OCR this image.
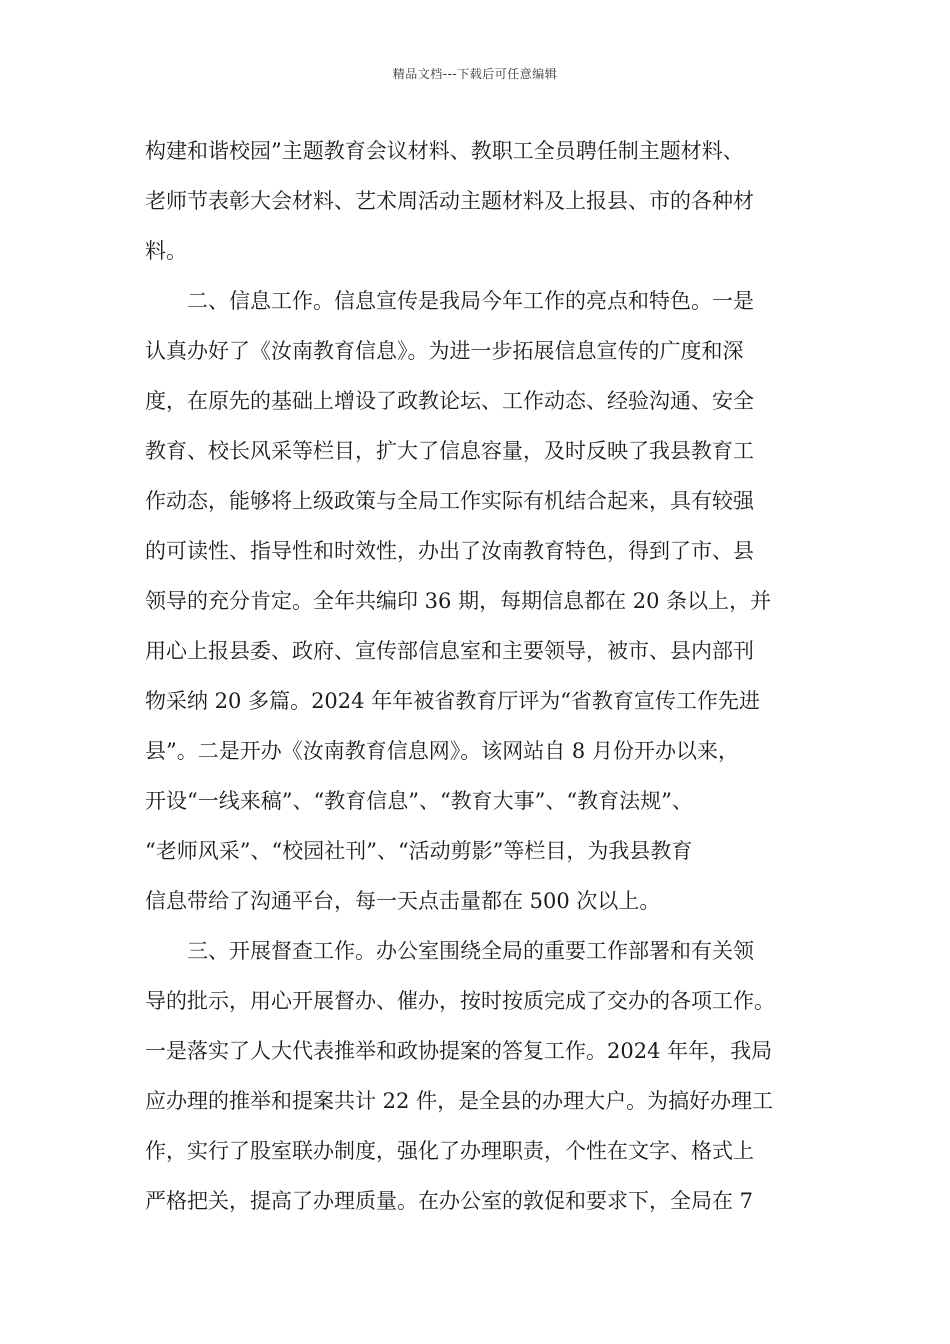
精品文档---下载后可任意编辑
构建和谐校园”主题教育会议材料、教职工全员聘任制主题材料、
老师节表彰大会材料、艺术周活动主题材料及上报县、市的各种材
料。
　　二、信息工作。信息宣传是我局今年工作的亮点和特色。一是
认真办好了《汝南教育信息》。为进一步拓展信息宣传的广度和深
度，在原先的基础上增设了政教论坛、工作动态、经验沟通、安全
教育、校长风采等栏目，扩大了信息容量，及时反映了我县教育工
作动态，能够将上级政策与全局工作实际有机结合起来，具有较强
的可读性、指导性和时效性，办出了汝南教育特色，得到了市、县
领导的充分肯定。全年共编印 36 期，每期信息都在 20 条以上，并
用心上报县委、政府、宣传部信息室和主要领导，被市、县内部刊
物采纳 20 多篇。2024 年年被省教育厅评为“省教育宣传工作先进
县”。二是开办《汝南教育信息网》。该网站自 8 月份开办以来，
开设“一线来稿”、“教育信息”、“教育大事”、“教育法规”、
“老师风采”、“校园社刊”、“活动剪影”等栏目，为我县教育
信息带给了沟通平台，每一天点击量都在 500 次以上。
　　三、开展督查工作。办公室围绕全局的重要工作部署和有关领
导的批示，用心开展督办、催办，按时按质完成了交办的各项工作。
一是落实了人大代表推举和政协提案的答复工作。2024 年年，我局
应办理的推举和提案共计 22 件，是全县的办理大户。为搞好办理工
作，实行了股室联办制度，强化了办理职责，个性在文字、格式上
严格把关，提高了办理质量。在办公室的敦促和要求下，全局在 7
